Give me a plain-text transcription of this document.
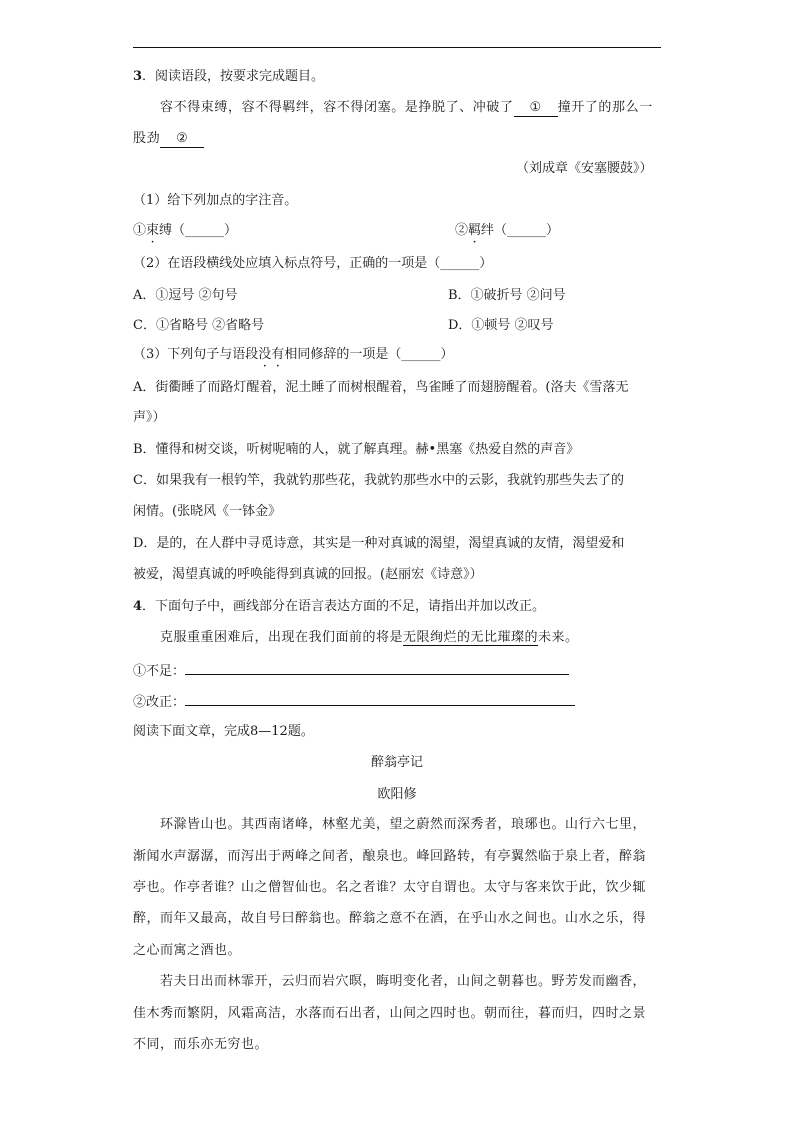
3．阅读语段，按要求完成题目。
容不得束缚，容不得羁绊，容不得闭塞。是挣脱了、冲破了 ① 撞开了的那么一
股劲 ②
（刘成章《安塞腰鼓》）
（1）给下列加点的字注音。
①束缚（______）	②羁绊（______）
（2）在语段横线处应填入标点符号，正确的一项是（______）
A．①逗号 ②句号	B．①破折号 ②问号
C．①省略号 ②省略号	D．①顿号 ②叹号
（3）下列句子与语段没有相同修辞的一项是（______）
A．街衢睡了而路灯醒着，泥土睡了而树根醒着，鸟雀睡了而翅膀醒着。(洛夫《雪落无
声》）
B．懂得和树交谈，听树呢喃的人，就了解真理。赫•黑塞《热爱自然的声音》
C．如果我有一根钓竿，我就钓那些花，我就钓那些水中的云影，我就钓那些失去了的
闲情。(张晓风《一钵金》
D．是的，在人群中寻觅诗意，其实是一种对真诚的渴望，渴望真诚的友情，渴望爱和
被爱，渴望真诚的呼唤能得到真诚的回报。(赵丽宏《诗意》）
4．下面句子中，画线部分在语言表达方面的不足，请指出并加以改正。
克服重重困难后，出现在我们面前的将是无限绚烂的无比璀璨的未来。
①不足：
②改正：
阅读下面文章，完成8—12题。
醉翁亭记
欧阳修
环滁皆山也。其西南诸峰，林壑尤美，望之蔚然而深秀者，琅琊也。山行六七里，
渐闻水声潺潺，而泻出于两峰之间者，酿泉也。峰回路转，有亭翼然临于泉上者，醉翁
亭也。作亭者谁？山之僧智仙也。名之者谁？太守自谓也。太守与客来饮于此，饮少辄
醉，而年又最高，故自号曰醉翁也。醉翁之意不在酒，在乎山水之间也。山水之乐，得
之心而寓之酒也。
若夫日出而林霏开，云归而岩穴暝，晦明变化者，山间之朝暮也。野芳发而幽香，
佳木秀而繁阴，风霜高洁，水落而石出者，山间之四时也。朝而往，暮而归，四时之景
不同，而乐亦无穷也。
